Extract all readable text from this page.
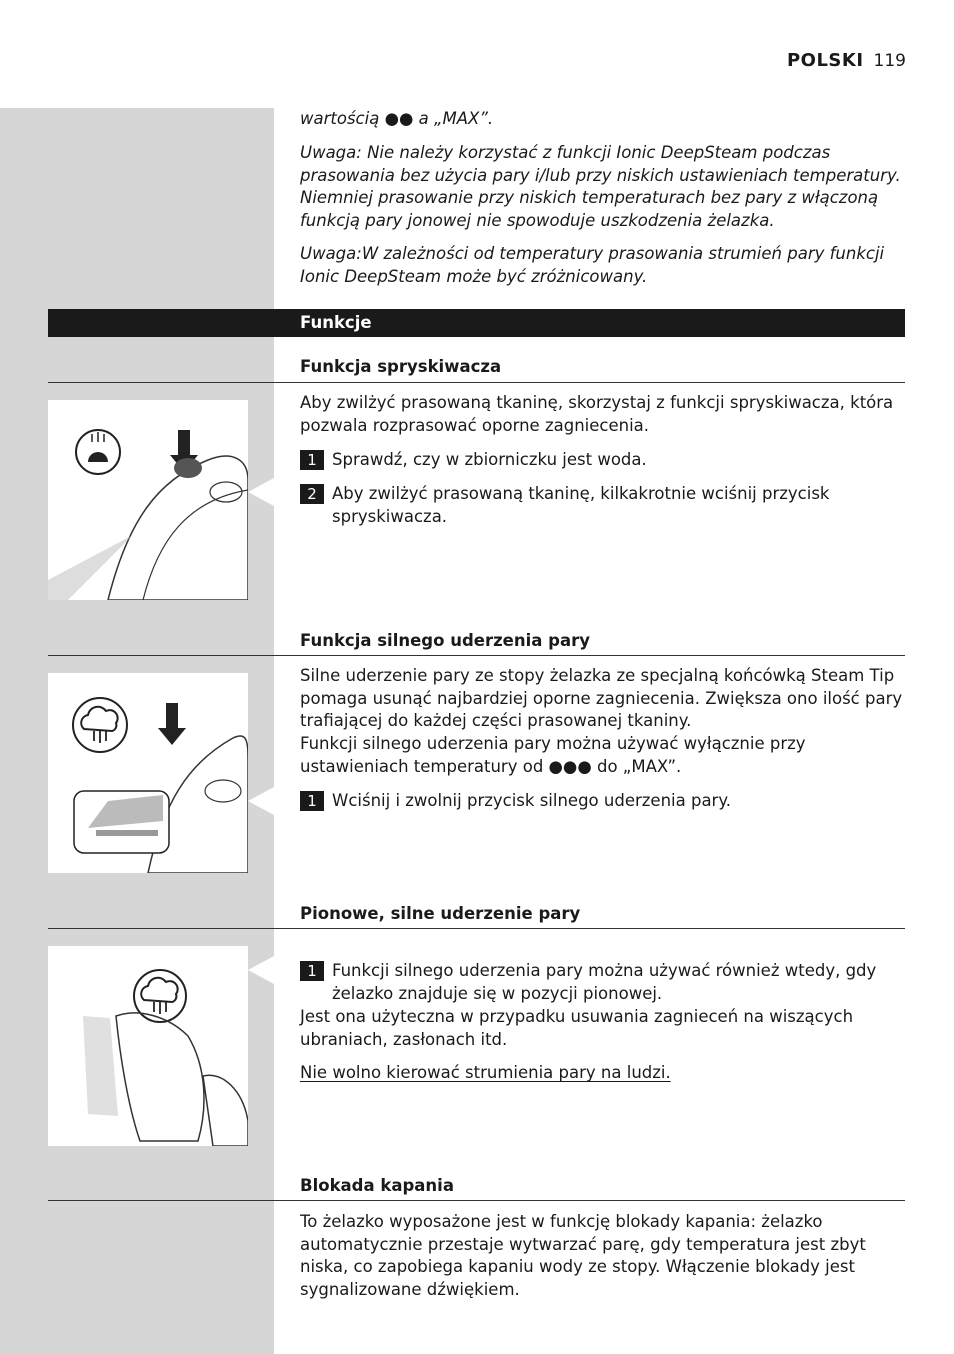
POLSKI 119
wartością ●● a „MAX”.
Uwaga: Nie należy korzystać z funkcji Ionic DeepSteam podczas prasowania bez użycia pary i/lub przy niskich ustawieniach temperatury. Niemniej prasowanie przy niskich temperaturach bez pary z włączoną funkcją pary jonowej nie spowoduje uszkodzenia żelazka.
Uwaga:W zależności od temperatury prasowania strumień pary funkcji Ionic DeepSteam może być zróżnicowany.
Funkcje
Funkcja spryskiwacza
Aby zwilżyć prasowaną tkaninę, skorzystaj z funkcji spryskiwacza, która pozwala rozprasować oporne zagniecenia.
1 Sprawdź, czy w zbiorniczku jest woda.
2 Aby zwilżyć prasowaną tkaninę, kilkakrotnie wciśnij przycisk spryskiwacza.
Funkcja silnego uderzenia pary
Silne uderzenie pary ze stopy żelazka ze specjalną końcówką Steam Tip pomaga usunąć najbardziej oporne zagniecenia. Zwiększa ono ilość pary trafiającej do każdej części prasowanej tkaniny.
Funkcji silnego uderzenia pary można używać wyłącznie przy ustawieniach temperatury od ●●● do „MAX”.
1 Wciśnij i zwolnij przycisk silnego uderzenia pary.
Pionowe, silne uderzenie pary
1 Funkcji silnego uderzenia pary można używać również wtedy, gdy żelazko znajduje się w pozycji pionowej.
Jest ona użyteczna w przypadku usuwania zagnieceń na wiszących ubraniach, zasłonach itd.
Nie wolno kierować strumienia pary na ludzi.
Blokada kapania
To żelazko wyposażone jest w funkcję blokady kapania: żelazko automatycznie przestaje wytwarzać parę, gdy temperatura jest zbyt niska, co zapobiega kapaniu wody ze stopy. Włączenie blokady jest sygnalizowane dźwiękiem.
